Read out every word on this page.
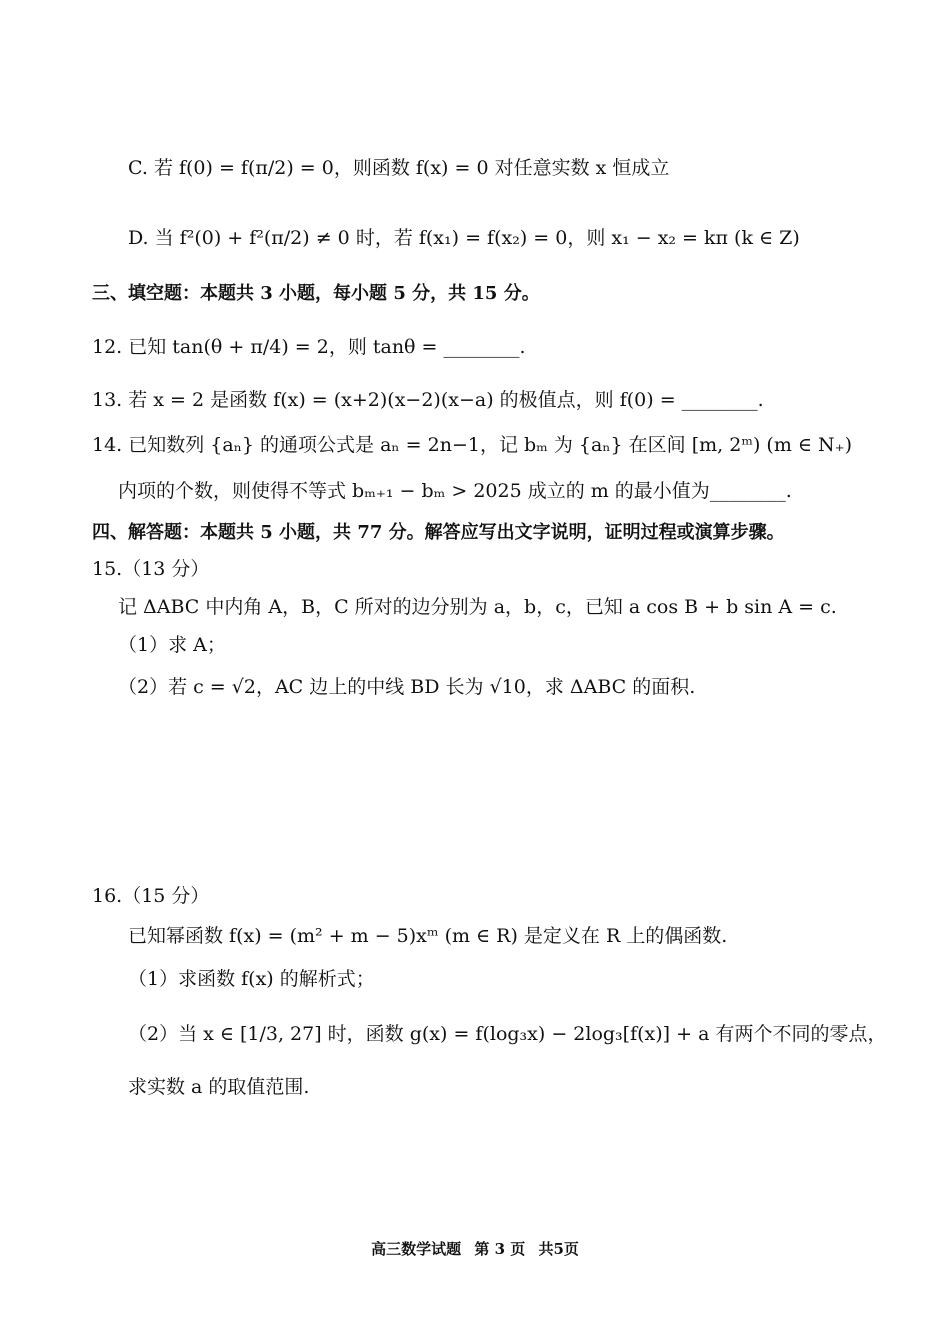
C. 若 f(0) = f(π/2) = 0，则函数 f(x) = 0 对任意实数 x 恒成立
D. 当 f²(0) + f²(π/2) ≠ 0 时，若 f(x₁) = f(x₂) = 0，则 x₁ − x₂ = kπ (k ∈ Z)
三、填空题：本题共 3 小题，每小题 5 分，共 15 分。
12. 已知 tan(θ + π/4) = 2，则 tanθ = ________.
13. 若 x = 2 是函数 f(x) = (x+2)(x−2)(x−a) 的极值点，则 f(0) = ________.
14. 已知数列 {aₙ} 的通项公式是 aₙ = 2n−1，记 bₘ 为 {aₙ} 在区间 [m, 2ᵐ) (m ∈ N₊)
内项的个数，则使得不等式 bₘ₊₁ − bₘ > 2025 成立的 m 的最小值为________.
四、解答题：本题共 5 小题，共 77 分。解答应写出文字说明，证明过程或演算步骤。
15.（13 分）
记 ΔABC 中内角 A，B，C 所对的边分别为 a，b，c，已知 a cos B + b sin A = c.
（1）求 A；
（2）若 c = √2，AC 边上的中线 BD 长为 √10，求 ΔABC 的面积.
16.（15 分）
已知幂函数 f(x) = (m² + m − 5)xᵐ (m ∈ R) 是定义在 R 上的偶函数.
（1）求函数 f(x) 的解析式；
（2）当 x ∈ [1/3, 27] 时，函数 g(x) = f(log₃x) − 2log₃[f(x)] + a 有两个不同的零点，
求实数 a 的取值范围.
高三数学试题 第 3 页 共5页
